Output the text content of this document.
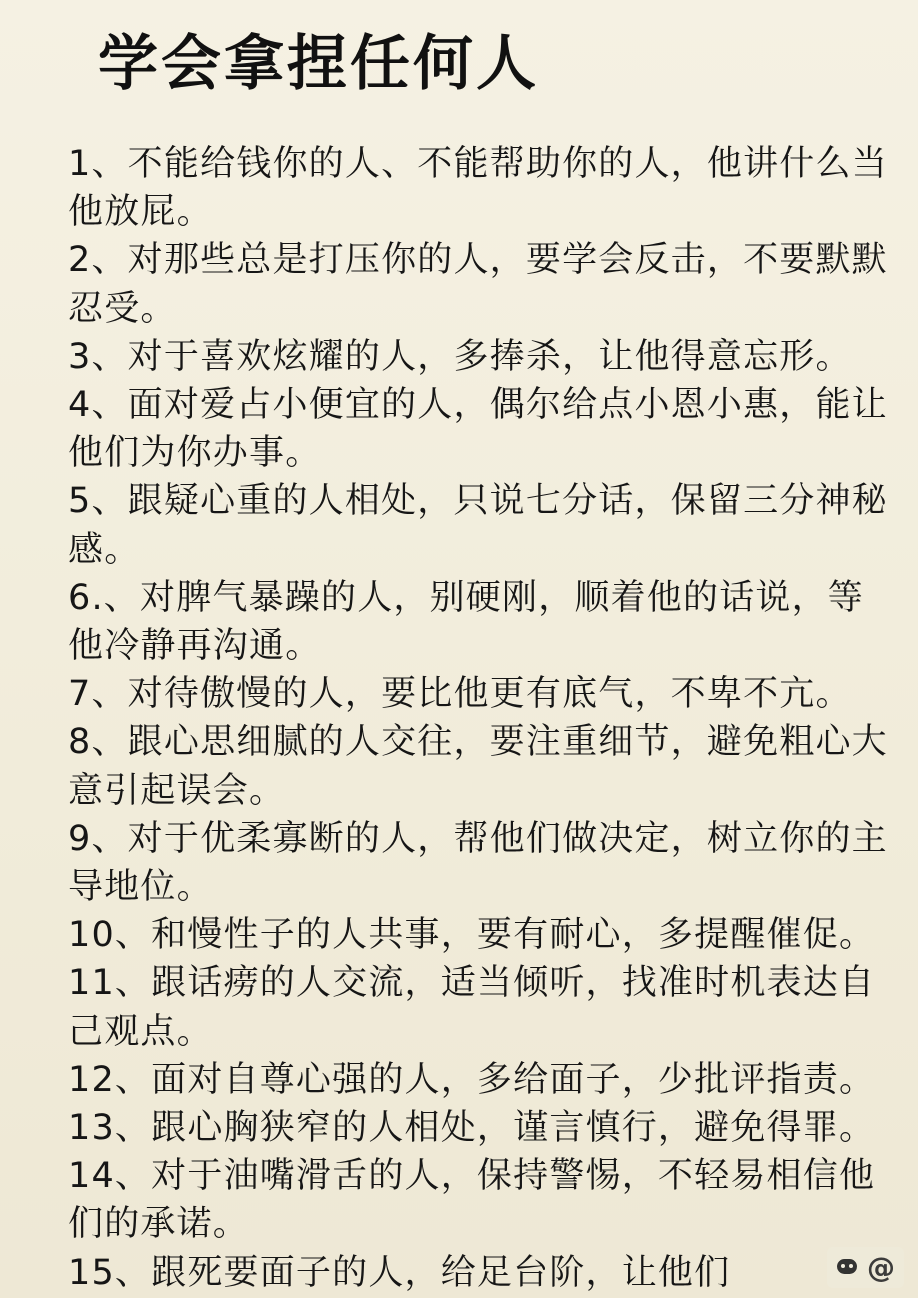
学会拿捏任何人
1、不能给钱你的人、不能帮助你的人，他讲什么当他放屁。
2、对那些总是打压你的人，要学会反击，不要默默忍受。
3、对于喜欢炫耀的人，多捧杀，让他得意忘形。
4、面对爱占小便宜的人，偶尔给点小恩小惠，能让他们为你办事。
5、跟疑心重的人相处，只说七分话，保留三分神秘感。
6.、对脾气暴躁的人，别硬刚，顺着他的话说，等他冷静再沟通。
7、对待傲慢的人，要比他更有底气，不卑不亢。
8、跟心思细腻的人交往，要注重细节，避免粗心大意引起误会。
9、对于优柔寡断的人，帮他们做决定，树立你的主导地位。
10、和慢性子的人共事，要有耐心，多提醒催促。
11、跟话痨的人交流，适当倾听，找准时机表达自己观点。
12、面对自尊心强的人，多给面子，少批评指责。
13、跟心胸狭窄的人相处，谨言慎行，避免得罪。
14、对于油嘴滑舌的人，保持警惕，不轻易相信他们的承诺。
15、跟死要面子的人，给足台阶，让他们	@
